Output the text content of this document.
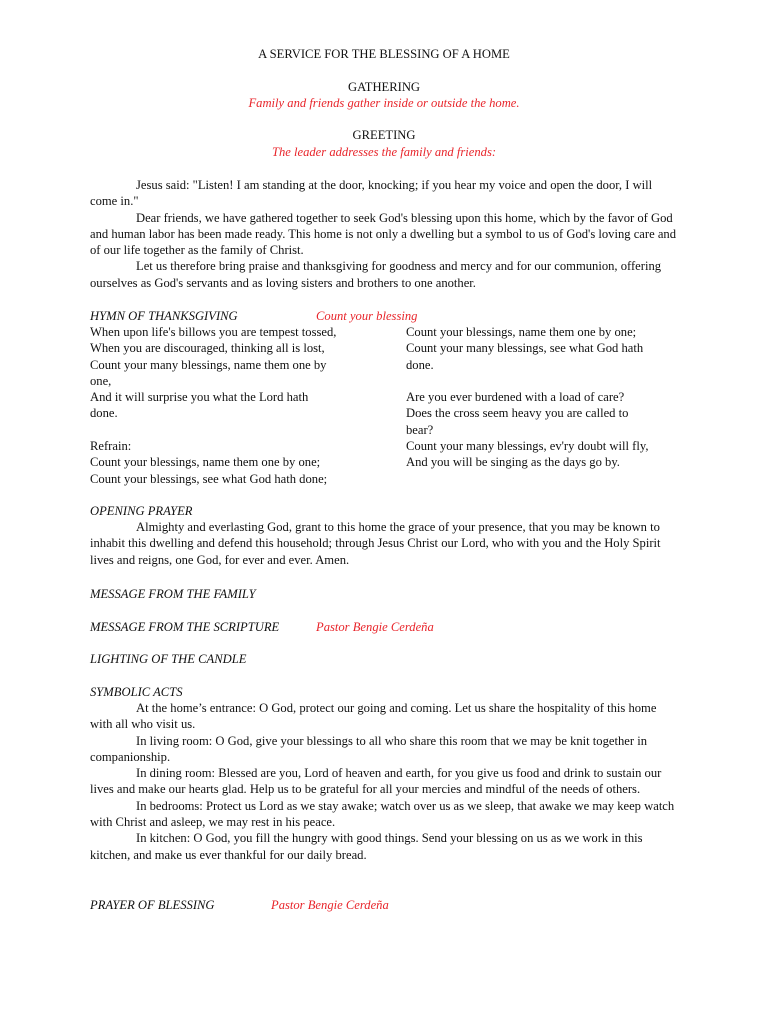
A SERVICE FOR THE BLESSING OF A HOME
GATHERING
Family and friends gather inside or outside the home.
GREETING
The leader addresses the family and friends:

Jesus said: "Listen! I am standing at the door, knocking; if you hear my voice and open the door, I will come in."

Dear friends, we have gathered together to seek God's blessing upon this home, which by the favor of God and human labor has been made ready. This home is not only a dwelling but a symbol to us of God's loving care and of our life together as the family of Christ.

Let us therefore bring praise and thanksgiving for goodness and mercy and for our communion, offering ourselves as God's servants and as loving sisters and brothers to one another.

HYMN OF THANKSGIVING	Count your blessing
When upon life's billows you are tempest tossed,
When you are discouraged, thinking all is lost,
Count your many blessings, name them one by
one,
And it will surprise you what the Lord hath
done.
Refrain:
Count your blessings, name them one by one;
Count your blessings, see what God hath done;
Count your blessings, name them one by one;
Count your many blessings, see what God hath
done.
Are you ever burdened with a load of care?
Does the cross seem heavy you are called to
bear?
Count your many blessings, ev'ry doubt will fly,
And you will be singing as the days go by.
OPENING PRAYER

Almighty and everlasting God, grant to this home the grace of your presence, that you may be known to inhabit this dwelling and defend this household; through Jesus Christ our Lord, who with you and the Holy Spirit lives and reigns, one God, for ever and ever. Amen.

MESSAGE FROM THE FAMILY
MESSAGE FROM THE SCRIPTURE	Pastor Bengie Cerdeña
LIGHTING OF THE CANDLE
SYMBOLIC ACTS

At the home’s entrance: O God, protect our going and coming. Let us share the hospitality of this home with all who visit us.

In living room: O God, give your blessings to all who share this room that we may be knit together in companionship.

In dining room: Blessed are you, Lord of heaven and earth, for you give us food and drink to sustain our lives and make our hearts glad. Help us to be grateful for all your mercies and mindful of the needs of others.

In bedrooms: Protect us Lord as we stay awake; watch over us as we sleep, that awake we may keep watch with Christ and asleep, we may rest in his peace.

In kitchen: O God, you fill the hungry with good things. Send your blessing on us as we work in this kitchen, and make us ever thankful for our daily bread.

PRAYER OF BLESSING	Pastor Bengie Cerdeña
